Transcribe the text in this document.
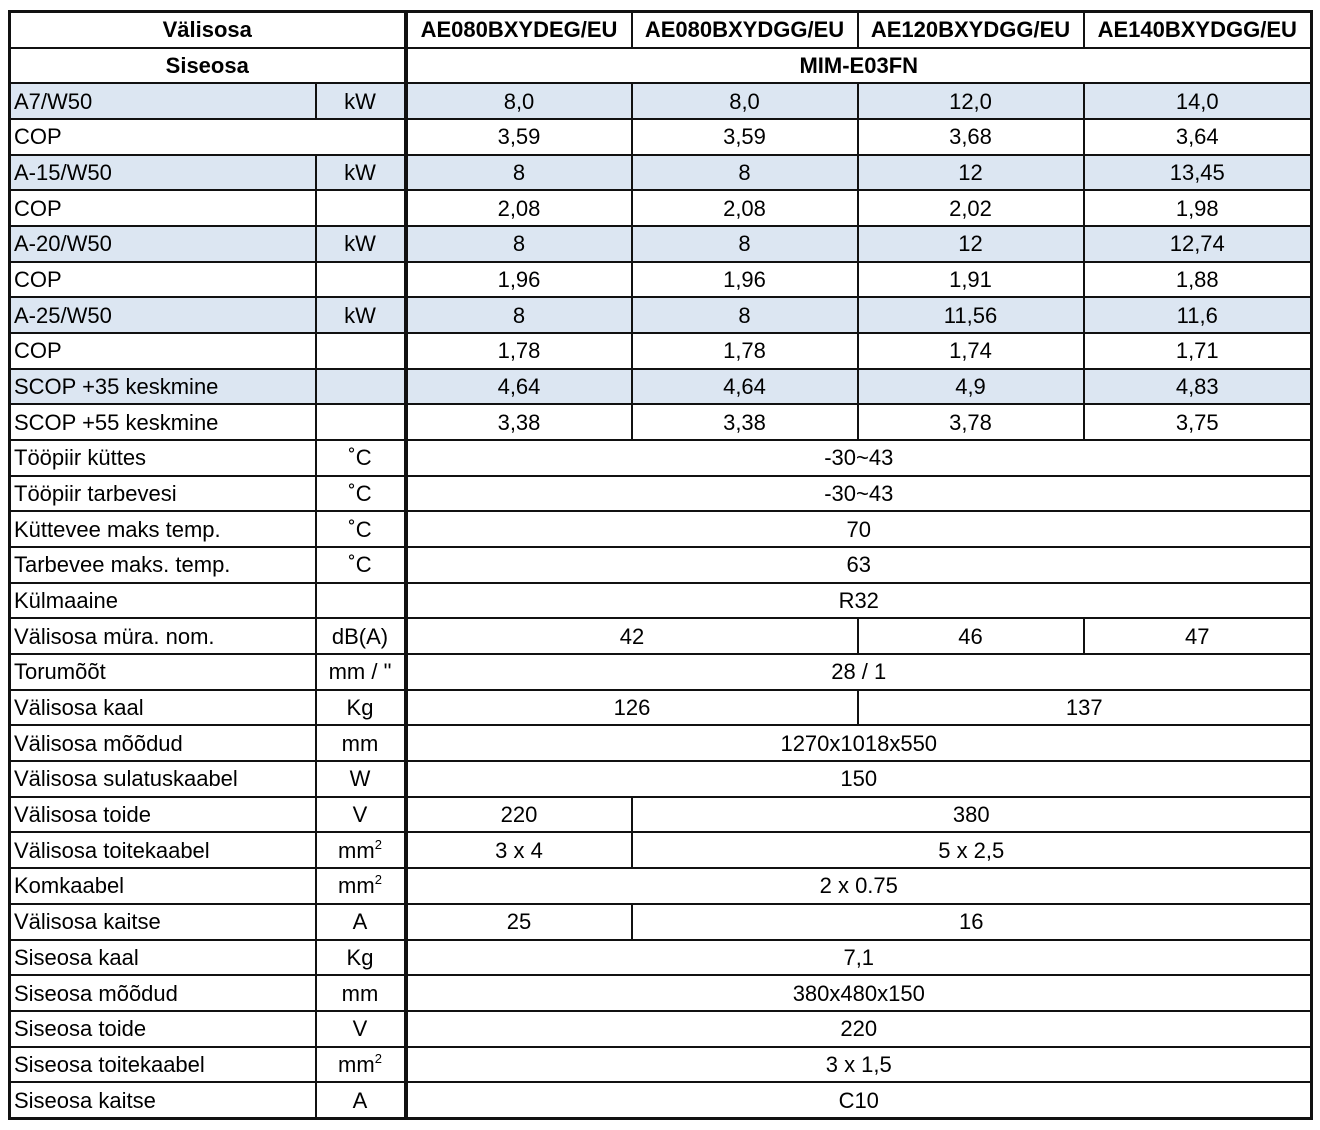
Välisosa		AE080BXYDEG/EU	AE080BXYDGG/EU	AE120BXYDGG/EU	AE140BXYDGG/EU
Siseosa		MIM-E03FN			
A7/W50	kW	8,0	8,0	12,0	14,0
COP		3,59	3,59	3,68	3,64
A-15/W50	kW	8	8	12	13,45
COP		2,08	2,08	2,02	1,98
A-20/W50	kW	8	8	12	12,74
COP		1,96	1,96	1,91	1,88
A-25/W50	kW	8	8	11,56	11,6
COP		1,78	1,78	1,74	1,71
SCOP +35 keskmine		4,64	4,64	4,9	4,83
SCOP +55 keskmine		3,38	3,38	3,78	3,75
Tööpiir küttes	˚C	-30~43			
Tööpiir tarbevesi	˚C	-30~43			
Küttevee maks temp.	˚C	70			
Tarbevee maks. temp.	˚C	63			
Külmaaine		R32			
Välisosa müra. nom.	dB(A)	42		46	47
Torumõõt	mm / "	28 / 1			
Välisosa kaal	Kg	126		137	
Välisosa mõõdud	mm	1270x1018x550			
Välisosa sulatuskaabel	W	150			
Välisosa toide	V	220	380		
Välisosa toitekaabel	$mm^2$	3 x 4	5 x 2,5		
Komkaabel	$mm^2$	2 x 0.75			
Välisosa kaitse	A	25	16		
Siseosa kaal	Kg	7,1			
Siseosa mõõdud	mm	380x480x150			
Siseosa toide	V	220			
Siseosa toitekaabel	$mm^2$	3 x 1,5			
Siseosa kaitse	A	C10			
